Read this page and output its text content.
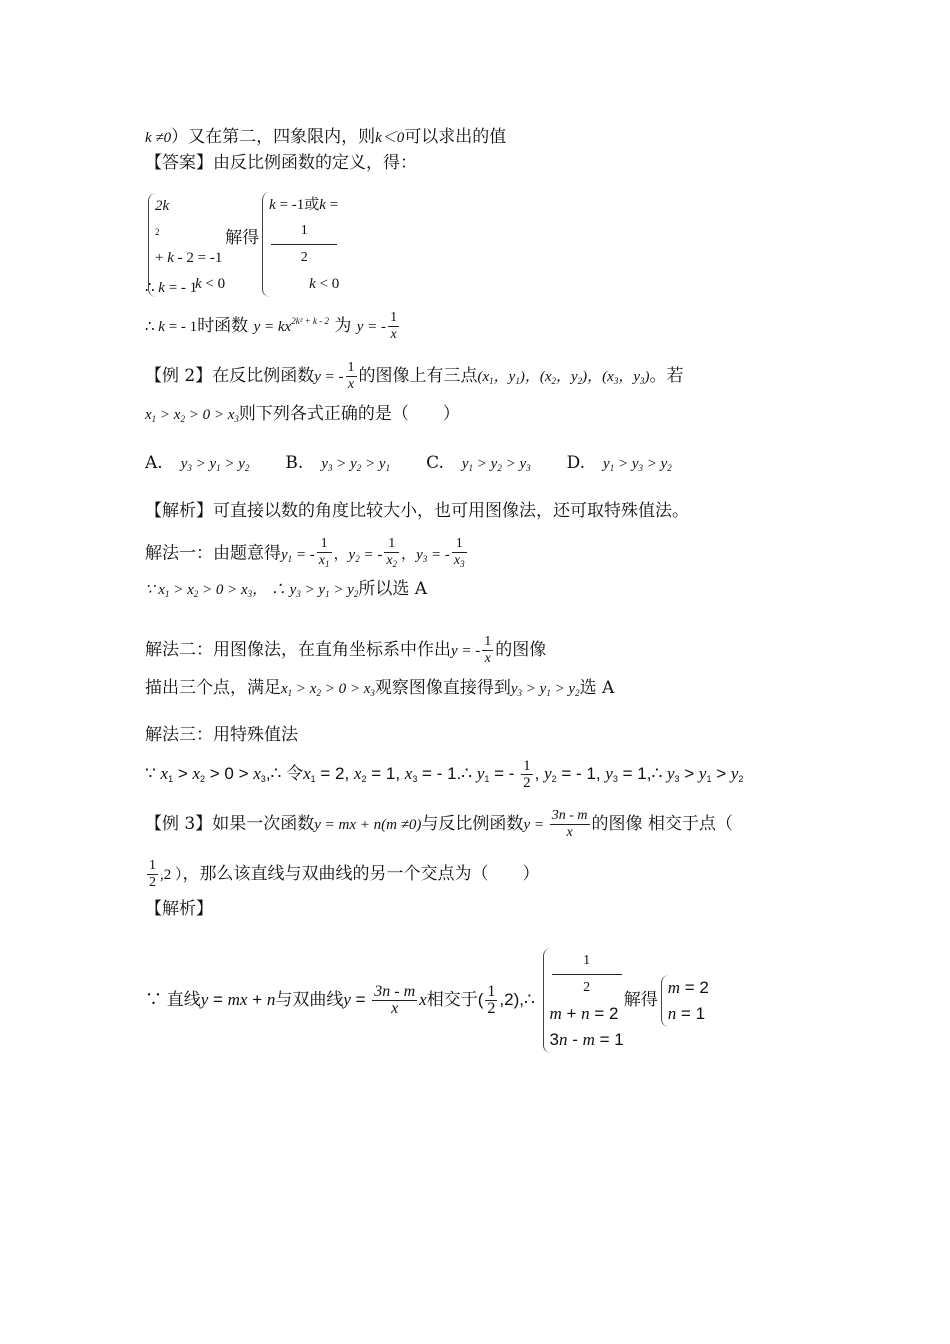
k ≠0）又在第二，四象限内，则k＜0可以求出的值
【答案】由反比例函数的定义，得：
2k
2
+ k - 2 = -1
k < 0
解得
k = -1或k =
1
2
k < 0
∴ k = - 1
∴ k = - 1时函数 $y = kx^{2k^2 + k - 2}$ 为 y = - $\frac{1}{x}$
【例 2】在反比例函数y = - $\frac{1}{x}$ 的图像上有三点($x_1$，$y_1$)，($x_2$，$y_2$)，($x_3$，$y_3$)。若
$x_1 > x_2 > 0 > x_3$则下列各式正确的是（　　）
A. $y_3 > y_1 > y_2$ B. $y_3 > y_2 > y_1$ C. $y_1 > y_2 > y_3$ D. $y_1 > y_3 > y_2$
【解析】可直接以数的角度比较大小，也可用图像法，还可取特殊值法。
解法一：由题意得$y_1$ = - $\frac{1}{x_1}$ ，$y_2$ = - $\frac{1}{x_2}$ ，$y_3$ = - $\frac{1}{x_3}$
∵ $x_1 > x_2 > 0 > x_3$， ∴ $y_3 > y_1 > y_2$所以选 A
解法二：用图像法，在直角坐标系中作出y = - $\frac{1}{x}$ 的图像
描出三个点，满足$x_1 > x_2 > 0 > x_3$观察图像直接得到$y_3 > y_1 > y_2$选 A
解法三：用特殊值法
∵ x1 > x2 > 0 > x3,∴ 令x1 = 2, x2 = 1, x3 = - 1.∴ y1 = - $\frac{1}{2}$ , y2 = - 1, y3 = 1,∴ y3 > y1 > y2
【例 3】如果一次函数y = mx + n(m ≠0)与反比例函数$y = \frac{3n - m}{x}$ 的图像 相交于点（
$\frac{1}{2} ,2$ ），那么该直线与双曲线的另一个交点为（　　）
【解析】
∵ 直线y = mx + n与双曲线$y = \frac{3n - m}{x}$ x相交于( $\frac{1}{2}$ ,2),∴
1
2
m + n = 2
3n - m = 1
解得
m = 2
n = 1
